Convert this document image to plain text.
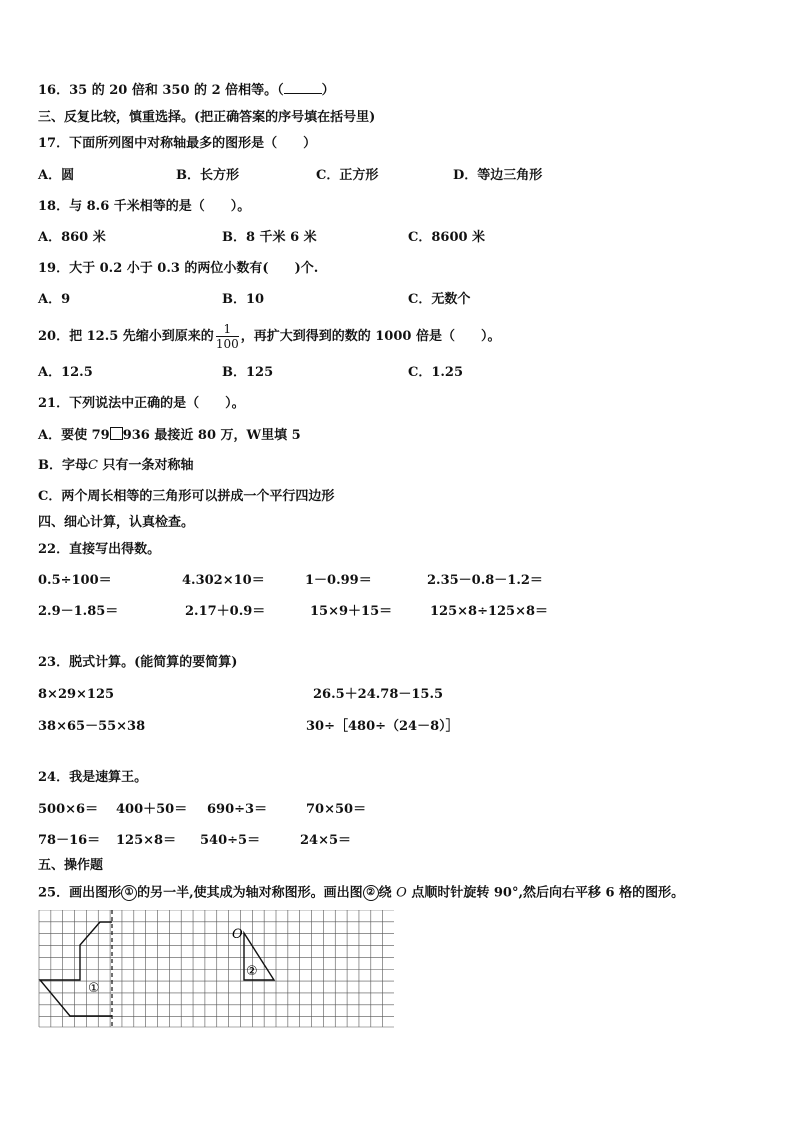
16．35 的 20 倍和 350 的 2 倍相等。（	）
三、反复比较，慎重选择。(把正确答案的序号填在括号里)
17．下面所列图中对称轴最多的图形是（　　）
A．圆	B．长方形	C．正方形	D．等边三角形
18．与 8.6 千米相等的是（　　）。
A．860 米	B．8 千米 6 米	C．8600 米
19．大于 0.2 小于 0.3 的两位小数有(　　)个.
A．9	B．10	C．无数个
20．把 12.5 先缩小到原来的 $\frac{1}{100}$ ，再扩大到得到的数的 1000 倍是（　　）。
A．12.5	B．125	C．1.25
21．下列说法中正确的是（　　）。
A．要使 79 936 最接近 80 万，W里填 5
B．字母C 只有一条对称轴
C．两个周长相等的三角形可以拼成一个平行四边形
四、细心计算，认真检查。
22．直接写出得数。
0.5÷100＝	4.302×10＝	1－0.99＝	2.35－0.8－1.2＝
2.9－1.85＝	2.17＋0.9＝	15×9＋15＝	125×8÷125×8＝
23．脱式计算。(能简算的要简算)
8×29×125	26.5＋24.78－15.5
38×65－55×38	30÷［480÷（24－8）］
24．我是速算王。
500×6＝ 400＋50＝ 690÷3＝	70×50＝
78－16＝ 125×8＝ 540÷5＝	24×5＝
五、操作题
25．画出图形 ① 的另一半,使其成为轴对称图形。画出图 ② 绕 O 点顺时针旋转 90°,然后向右平移 6 格的图形。
①
②
O
